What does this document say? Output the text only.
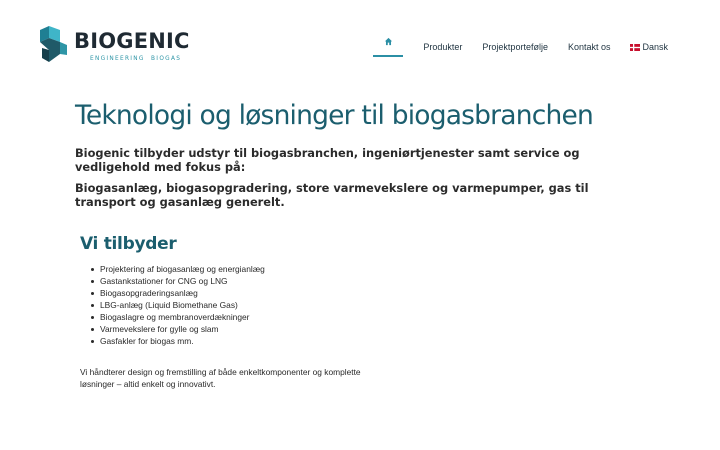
BIOGENIC
ENGINEERING BIOGAS
Produkter Projektportefølje Kontakt os	Dansk
Teknologi og løsninger til biogasbranchen

Biogenic tilbyder udstyr til biogasbranchen, ingeniørtjenester samt service og vedligehold med fokus på:

Biogasanlæg, biogasopgradering, store varmevekslere og varmepumper, gas til transport og gasanlæg generelt.

Vi tilbyder
Projektering af biogasanlæg og energianlæg
Gastankstationer for CNG og LNG
Biogasopgraderingsanlæg
LBG-anlæg (Liquid Biomethane Gas)
Biogaslagre og membranoverdækninger
Varmevekslere for gylle og slam
Gasfakler for biogas mm.

Vi håndterer design og fremstilling af både enkeltkomponenter og komplette løsninger – altid enkelt og innovativt.
